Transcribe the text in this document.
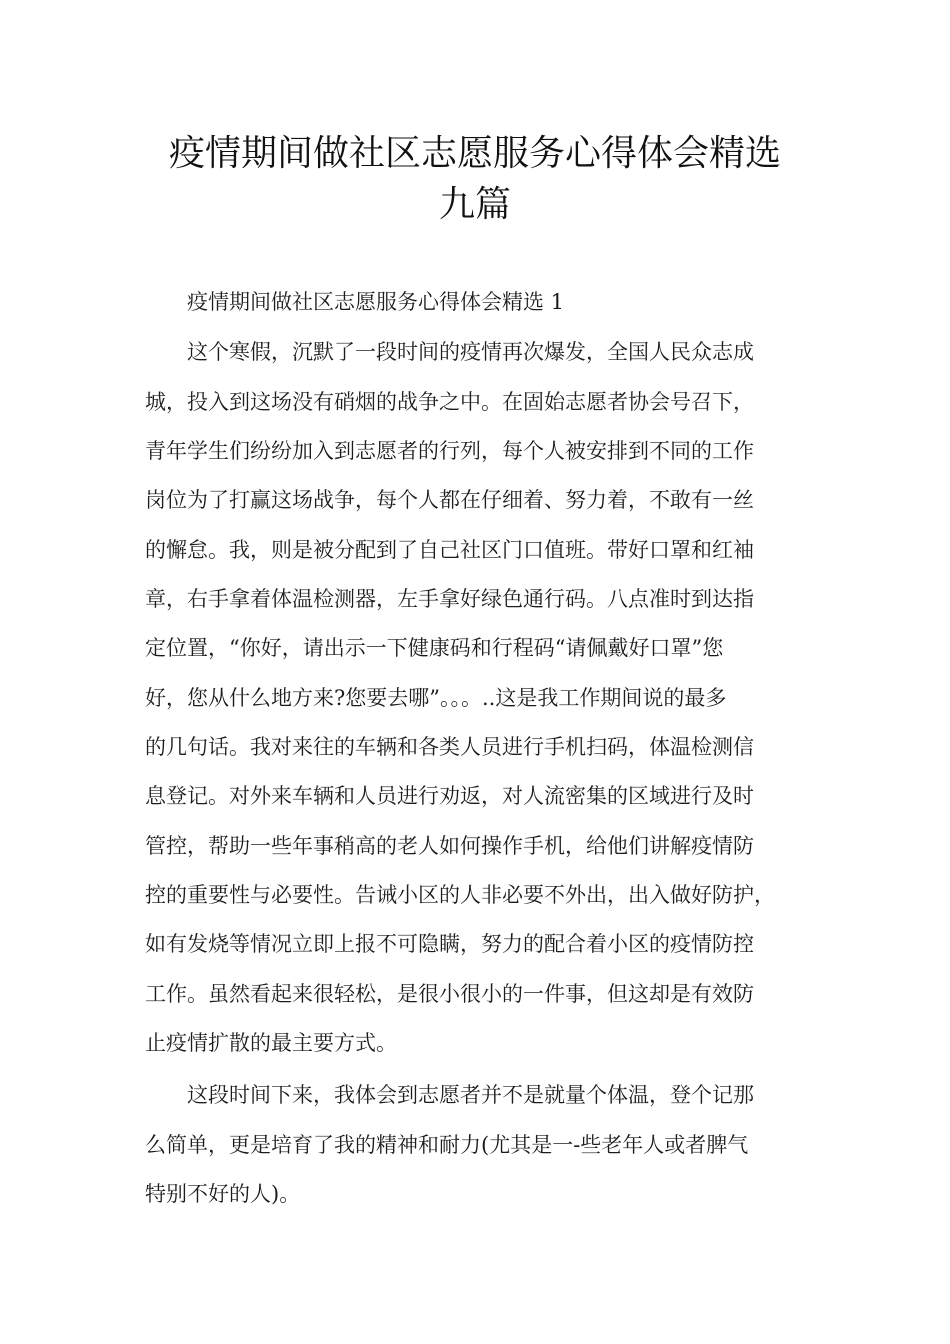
疫情期间做社区志愿服务心得体会精选
九篇
疫情期间做社区志愿服务心得体会精选 1
这个寒假，沉默了一段时间的疫情再次爆发，全国人民众志成
城，投入到这场没有硝烟的战争之中。在固始志愿者协会号召下，
青年学生们纷纷加入到志愿者的行列，每个人被安排到不同的工作
岗位为了打赢这场战争，每个人都在仔细着、努力着，不敢有一丝
的懈怠。我，则是被分配到了自己社区门口值班。带好口罩和红袖
章，右手拿着体温检测器，左手拿好绿色通行码。八点准时到达指
定位置，“你好，请出示一下健康码和行程码“请佩戴好口罩”您
好，您从什么地方来?您要去哪”。。。..这是我工作期间说的最多
的几句话。我对来往的车辆和各类人员进行手机扫码，体温检测信
息登记。对外来车辆和人员进行劝返，对人流密集的区域进行及时
管控，帮助一些年事稍高的老人如何操作手机，给他们讲解疫情防
控的重要性与必要性。告诫小区的人非必要不外出，出入做好防护，
如有发烧等情况立即上报不可隐瞒，努力的配合着小区的疫情防控
工作。虽然看起来很轻松，是很小很小的一件事，但这却是有效防
止疫情扩散的最主要方式。
这段时间下来，我体会到志愿者并不是就量个体温，登个记那
么简单，更是培育了我的精神和耐力(尤其是一-些老年人或者脾气
特别不好的人)。
